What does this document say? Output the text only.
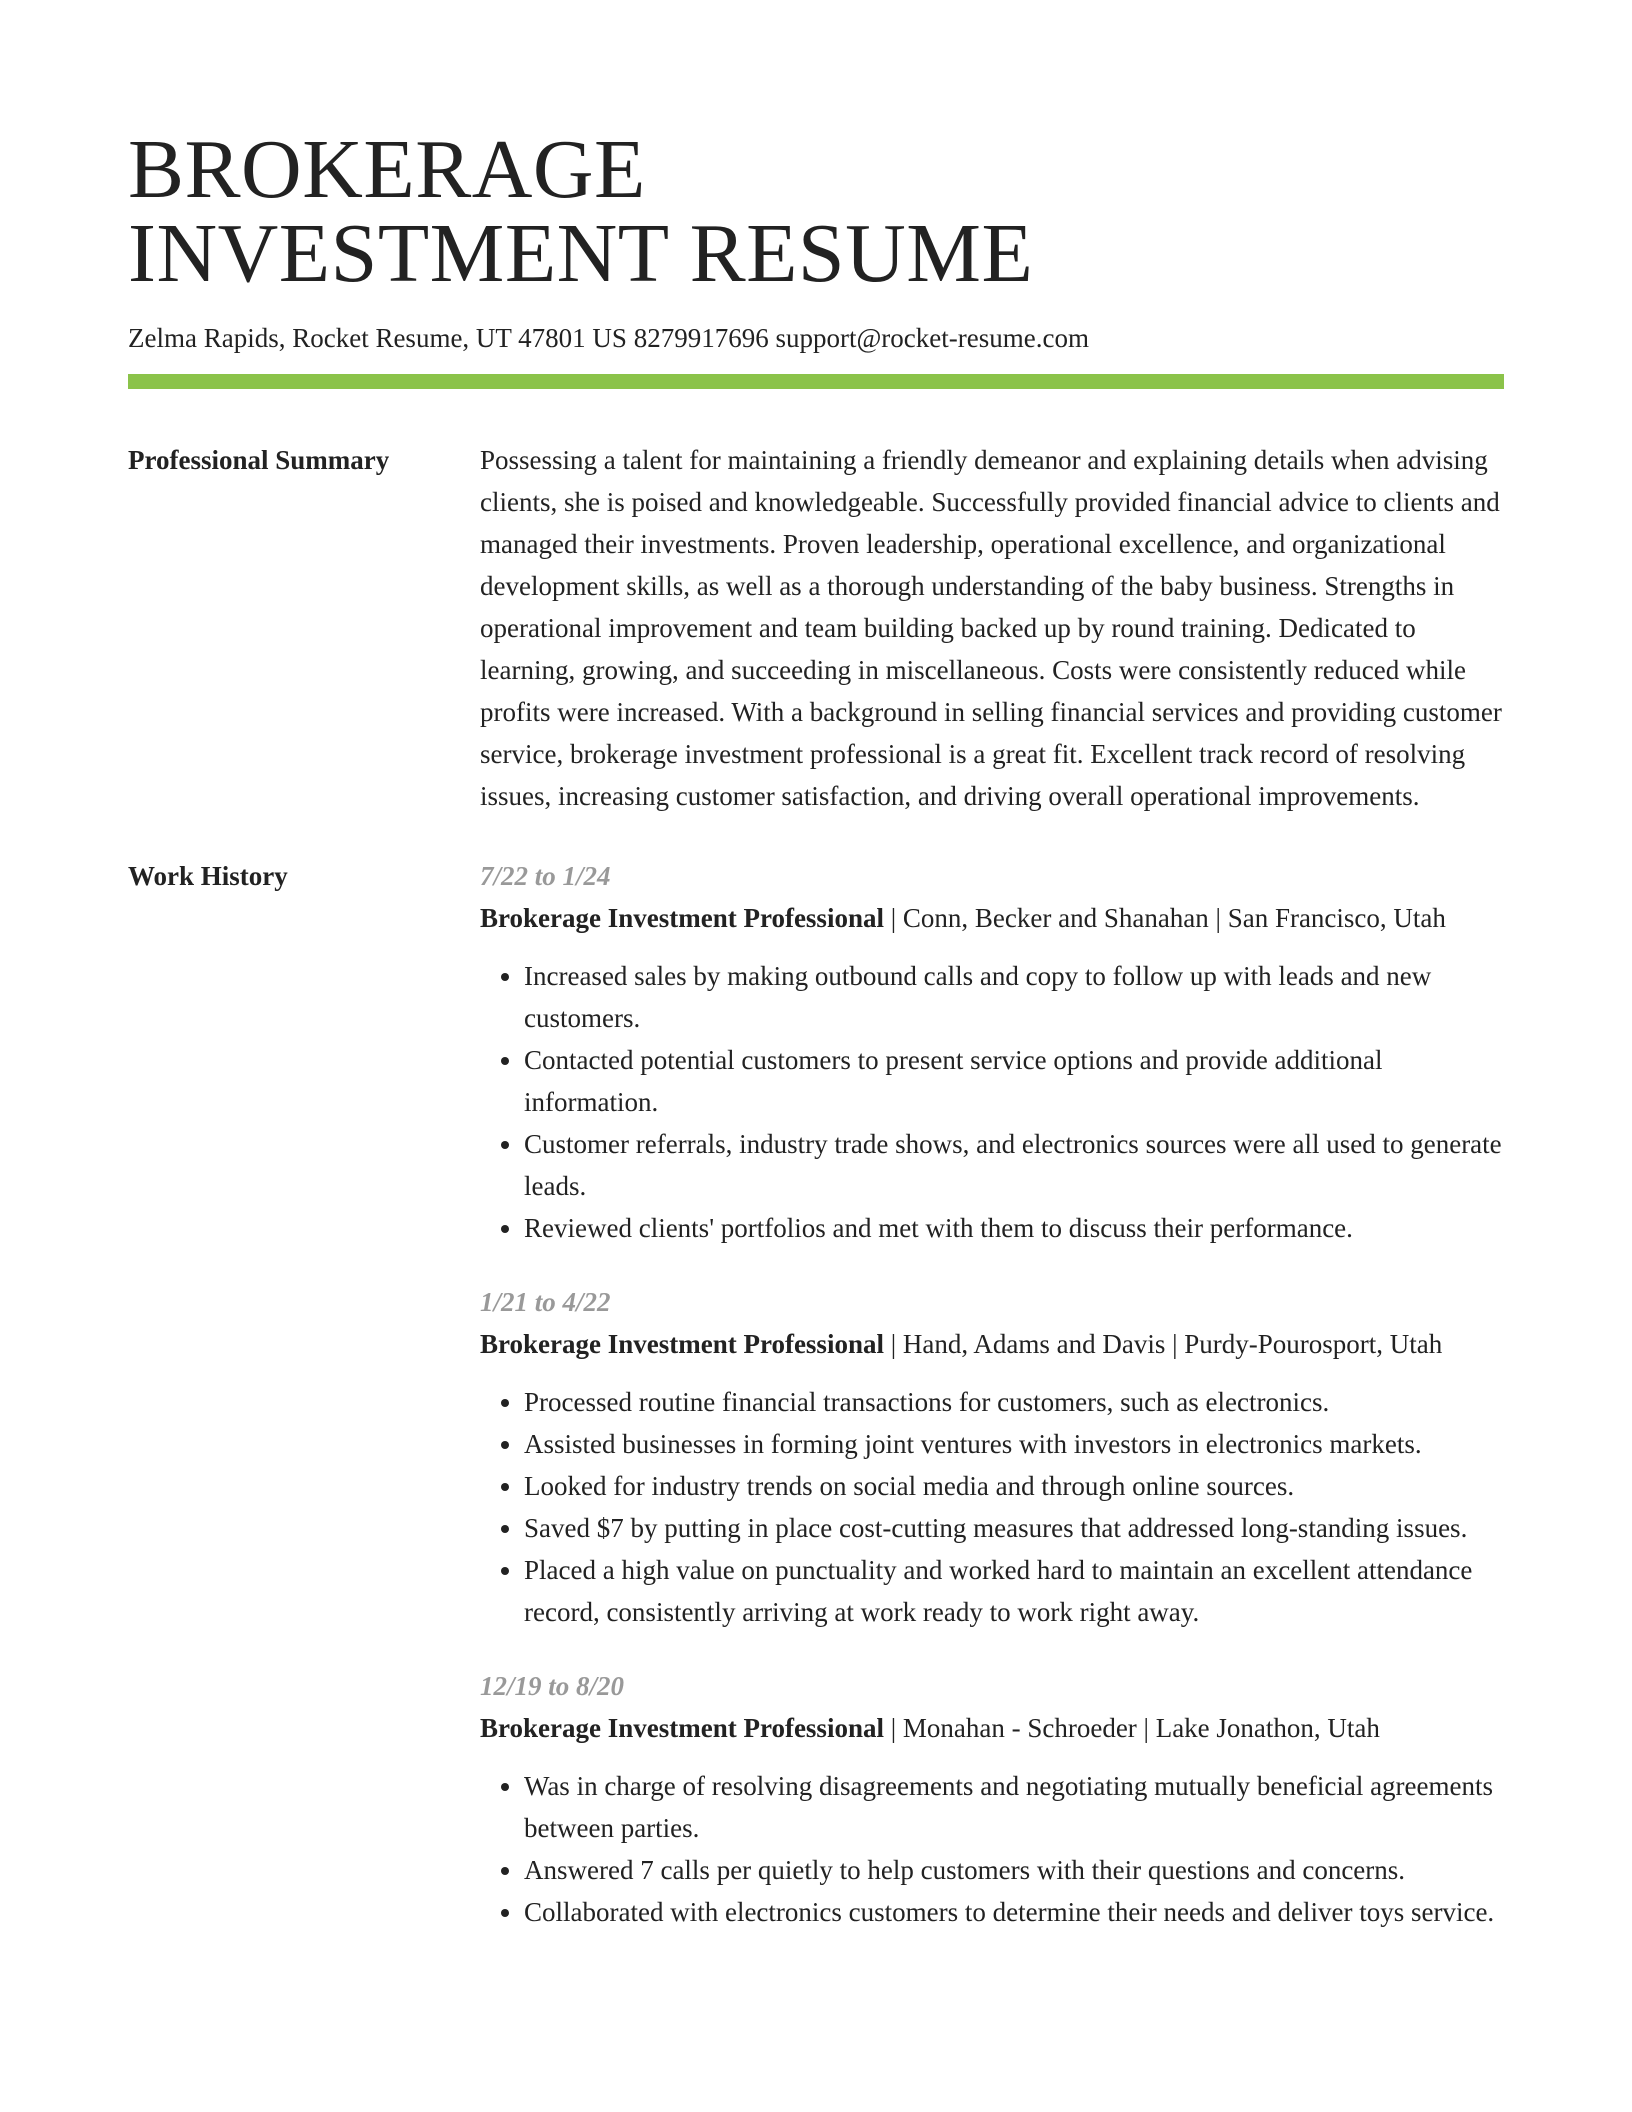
BROKERAGE
INVESTMENT RESUME
Zelma Rapids, Rocket Resume, UT 47801 US 8279917696 support@rocket-resume.com
Professional Summary	Possessing a talent for maintaining a friendly demeanor and explaining details when advising clients, she is poised and knowledgeable. Successfully provided financial advice to clients and managed their investments. Proven leadership, operational excellence, and organizational development skills, as well as a thorough understanding of the baby business. Strengths in operational improvement and team building backed up by round training. Dedicated to learning, growing, and succeeding in miscellaneous. Costs were consistently reduced while profits were increased. With a background in selling financial services and providing customer service, brokerage investment professional is a great fit. Excellent track record of resolving issues, increasing customer satisfaction, and driving overall operational improvements.

Work History	7/22 to 1/24
Brokerage Investment Professional | Conn, Becker and Shanahan | San Francisco, Utah
• Increased sales by making outbound calls and copy to follow up with leads and new customers.
• Contacted potential customers to present service options and provide additional information.
• Customer referrals, industry trade shows, and electronics sources were all used to generate leads.
• Reviewed clients' portfolios and met with them to discuss their performance.
1/21 to 4/22
Brokerage Investment Professional | Hand, Adams and Davis | Purdy-Pourosport, Utah
• Processed routine financial transactions for customers, such as electronics.
• Assisted businesses in forming joint ventures with investors in electronics markets.
• Looked for industry trends on social media and through online sources.
• Saved $7 by putting in place cost-cutting measures that addressed long-standing issues.
• Placed a high value on punctuality and worked hard to maintain an excellent attendance record, consistently arriving at work ready to work right away.
12/19 to 8/20
Brokerage Investment Professional | Monahan - Schroeder | Lake Jonathon, Utah
• Was in charge of resolving disagreements and negotiating mutually beneficial agreements between parties.
• Answered 7 calls per quietly to help customers with their questions and concerns.
• Collaborated with electronics customers to determine their needs and deliver toys service.
